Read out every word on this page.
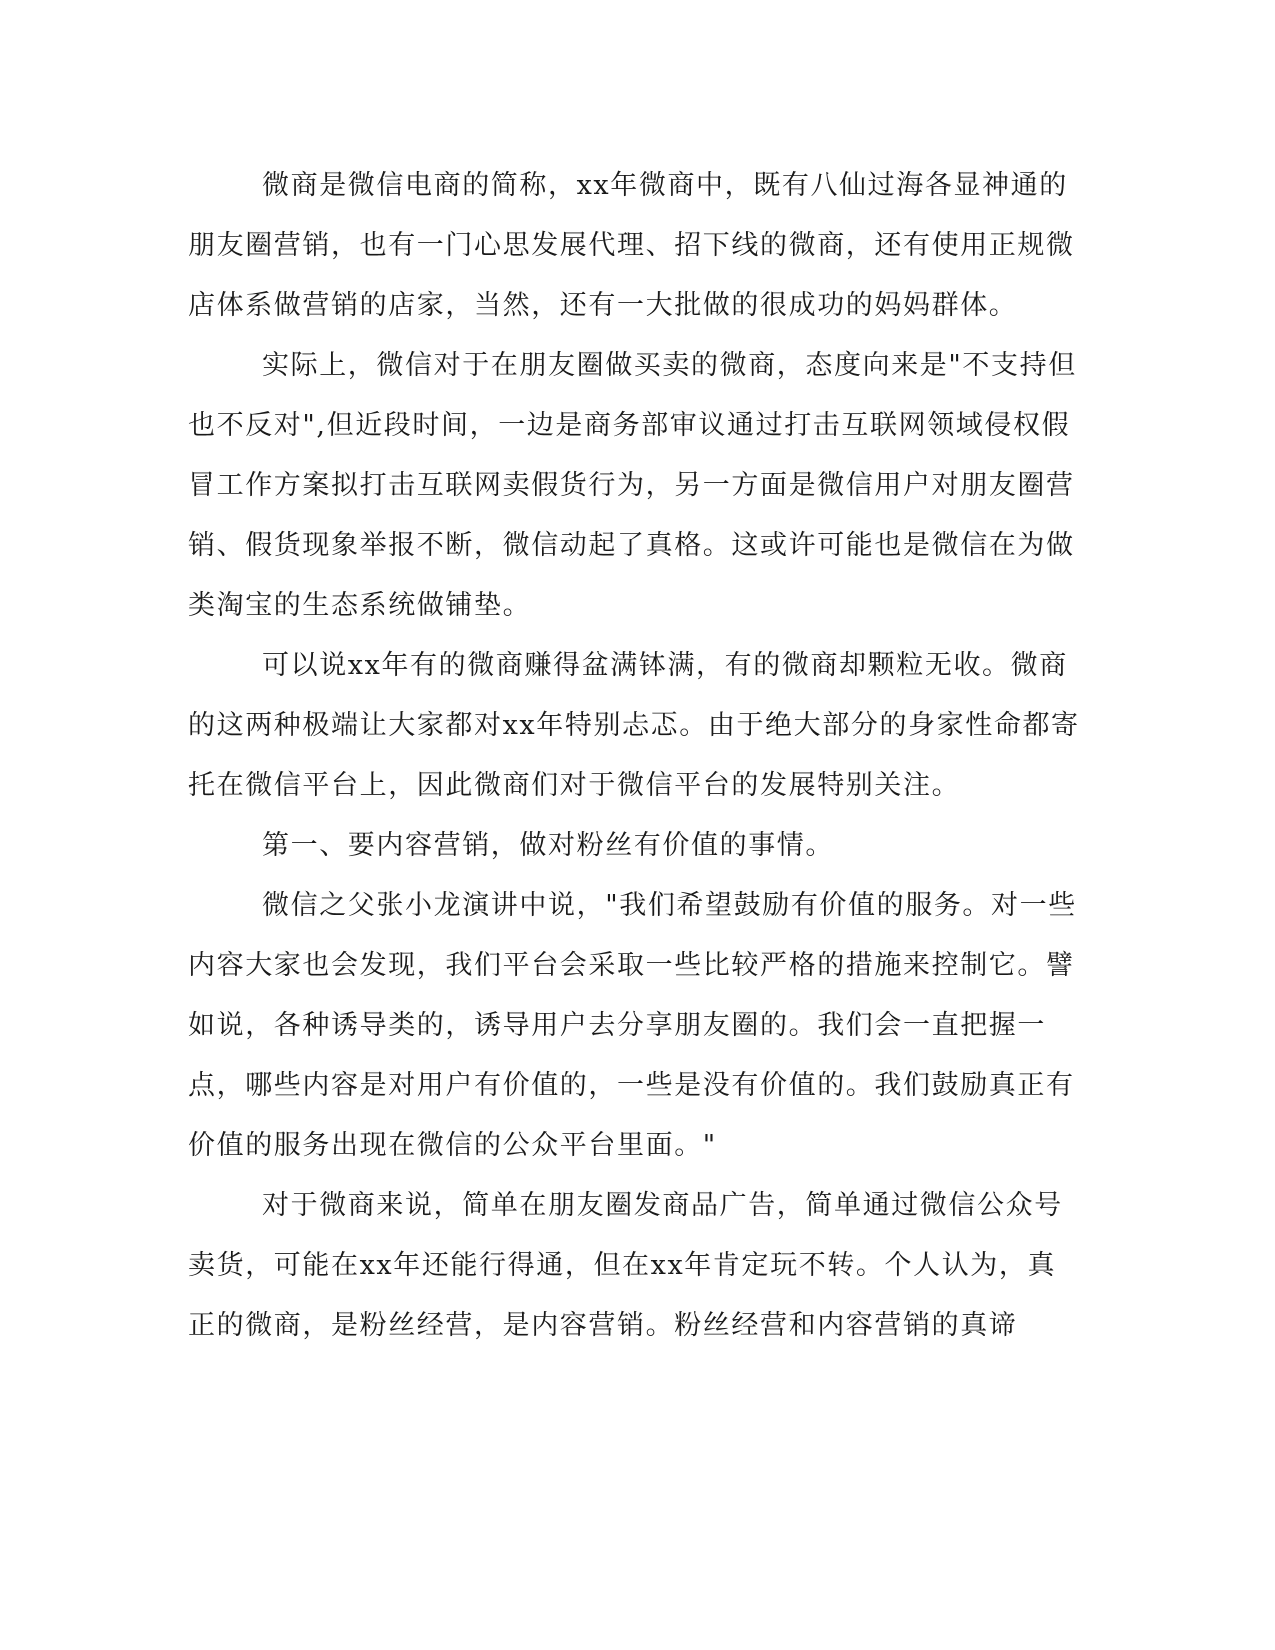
微商是微信电商的简称，xx年微商中，既有八仙过海各显神通的朋友圈营销，也有一门心思发展代理、招下线的微商，还有使用正规微店体系做营销的店家，当然，还有一大批做的很成功的妈妈群体。

实际上，微信对于在朋友圈做买卖的微商，态度向来是"不支持但也不反对",但近段时间，一边是商务部审议通过打击互联网领域侵权假冒工作方案拟打击互联网卖假货行为，另一方面是微信用户对朋友圈营销、假货现象举报不断，微信动起了真格。这或许可能也是微信在为做类淘宝的生态系统做铺垫。

可以说xx年有的微商赚得盆满钵满，有的微商却颗粒无收。微商的这两种极端让大家都对xx年特别忐忑。由于绝大部分的身家性命都寄托在微信平台上，因此微商们对于微信平台的发展特别关注。

第一、要内容营销，做对粉丝有价值的事情。

微信之父张小龙演讲中说，"我们希望鼓励有价值的服务。对一些内容大家也会发现，我们平台会采取一些比较严格的措施来控制它。譬如说，各种诱导类的，诱导用户去分享朋友圈的。我们会一直把握一点，哪些内容是对用户有价值的，一些是没有价值的。我们鼓励真正有价值的服务出现在微信的公众平台里面。"

对于微商来说，简单在朋友圈发商品广告，简单通过微信公众号卖货，可能在xx年还能行得通，但在xx年肯定玩不转。个人认为，真正的微商，是粉丝经营，是内容营销。粉丝经营和内容营销的真谛
